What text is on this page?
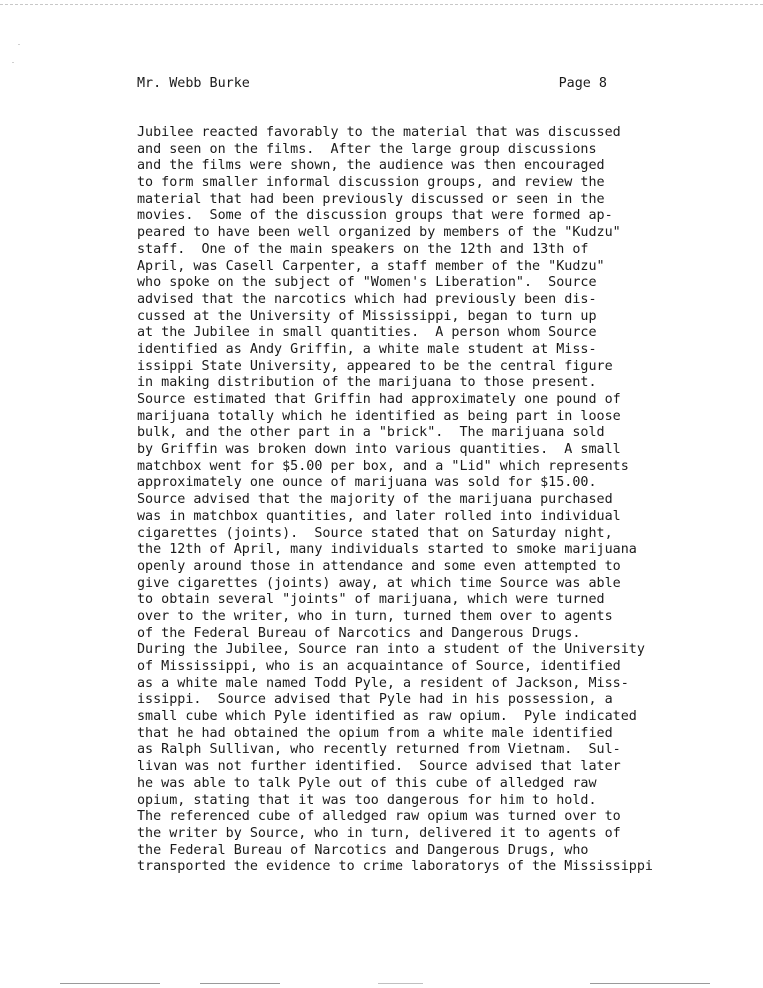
Mr. Webb Burke

	Page 8

Jubilee reacted favorably to the material that was discussed
and seen on the films.  After the large group discussions
and the films were shown, the audience was then encouraged
to form smaller informal discussion groups, and review the
material that had been previously discussed or seen in the
movies.  Some of the discussion groups that were formed ap-
peared to have been well organized by members of the "Kudzu"
staff.  One of the main speakers on the 12th and 13th of
April, was Casell Carpenter, a staff member of the "Kudzu"
who spoke on the subject of "Women's Liberation".  Source
advised that the narcotics which had previously been dis-
cussed at the University of Mississippi, began to turn up
at the Jubilee in small quantities.  A person whom Source
identified as Andy Griffin, a white male student at Miss-
issippi State University, appeared to be the central figure
in making distribution of the marijuana to those present.
Source estimated that Griffin had approximately one pound of
marijuana totally which he identified as being part in loose
bulk, and the other part in a "brick".  The marijuana sold
by Griffin was broken down into various quantities.  A small
matchbox went for $5.00 per box, and a "Lid" which represents
approximately one ounce of marijuana was sold for $15.00.
Source advised that the majority of the marijuana purchased
was in matchbox quantities, and later rolled into individual
cigarettes (joints).  Source stated that on Saturday night,
the 12th of April, many individuals started to smoke marijuana
openly around those in attendance and some even attempted to
give cigarettes (joints) away, at which time Source was able
to obtain several "joints" of marijuana, which were turned
over to the writer, who in turn, turned them over to agents
of the Federal Bureau of Narcotics and Dangerous Drugs.
During the Jubilee, Source ran into a student of the University
of Mississippi, who is an acquaintance of Source, identified
as a white male named Todd Pyle, a resident of Jackson, Miss-
issippi.  Source advised that Pyle had in his possession, a
small cube which Pyle identified as raw opium.  Pyle indicated
that he had obtained the opium from a white male identified
as Ralph Sullivan, who recently returned from Vietnam.  Sul-
livan was not further identified.  Source advised that later
he was able to talk Pyle out of this cube of alledged raw
opium, stating that it was too dangerous for him to hold.
The referenced cube of alledged raw opium was turned over to
the writer by Source, who in turn, delivered it to agents of
the Federal Bureau of Narcotics and Dangerous Drugs, who
transported the evidence to crime laboratorys of the Mississippi
